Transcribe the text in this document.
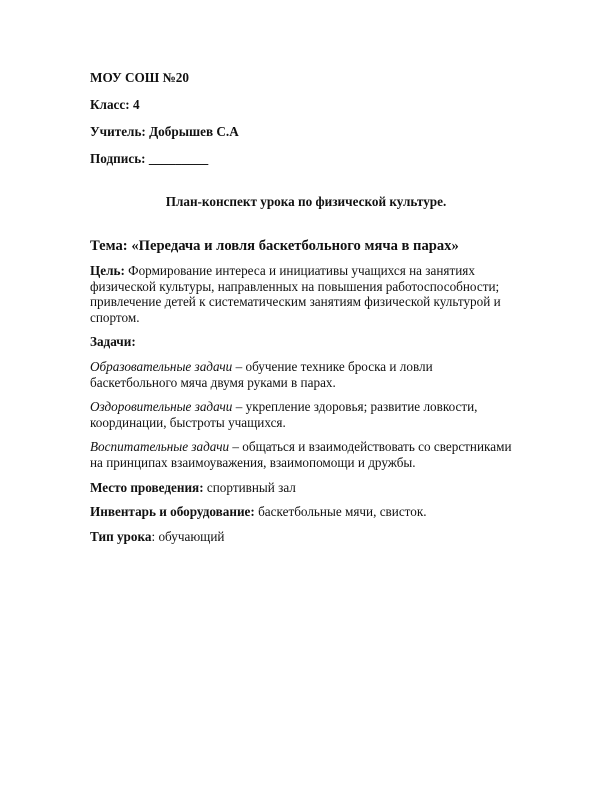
МОУ СОШ №20

Класс: 4

Учитель: Добрышев С.А

Подпись: _________

План-конспект урока по физической культуре.

Тема: «Передача и ловля баскетбольного мяча в парах»

Цель: Формирование интереса и инициативы учащихся на занятиях физической культуры, направленных на повышения работоспособности; привлечение детей к систематическим занятиям физической культурой и спортом.

Задачи:

Образовательные задачи – обучение технике броска и ловли баскетбольного мяча двумя руками в парах.

Оздоровительные задачи – укрепление здоровья; развитие ловкости, координации, быстроты учащихся.

Воспитательные задачи – общаться и взаимодействовать со сверстниками на принципах взаимоуважения, взаимопомощи и дружбы.

Место проведения: спортивный зал

Инвентарь и оборудование: баскетбольные мячи, свисток.

Тип урока: обучающий
